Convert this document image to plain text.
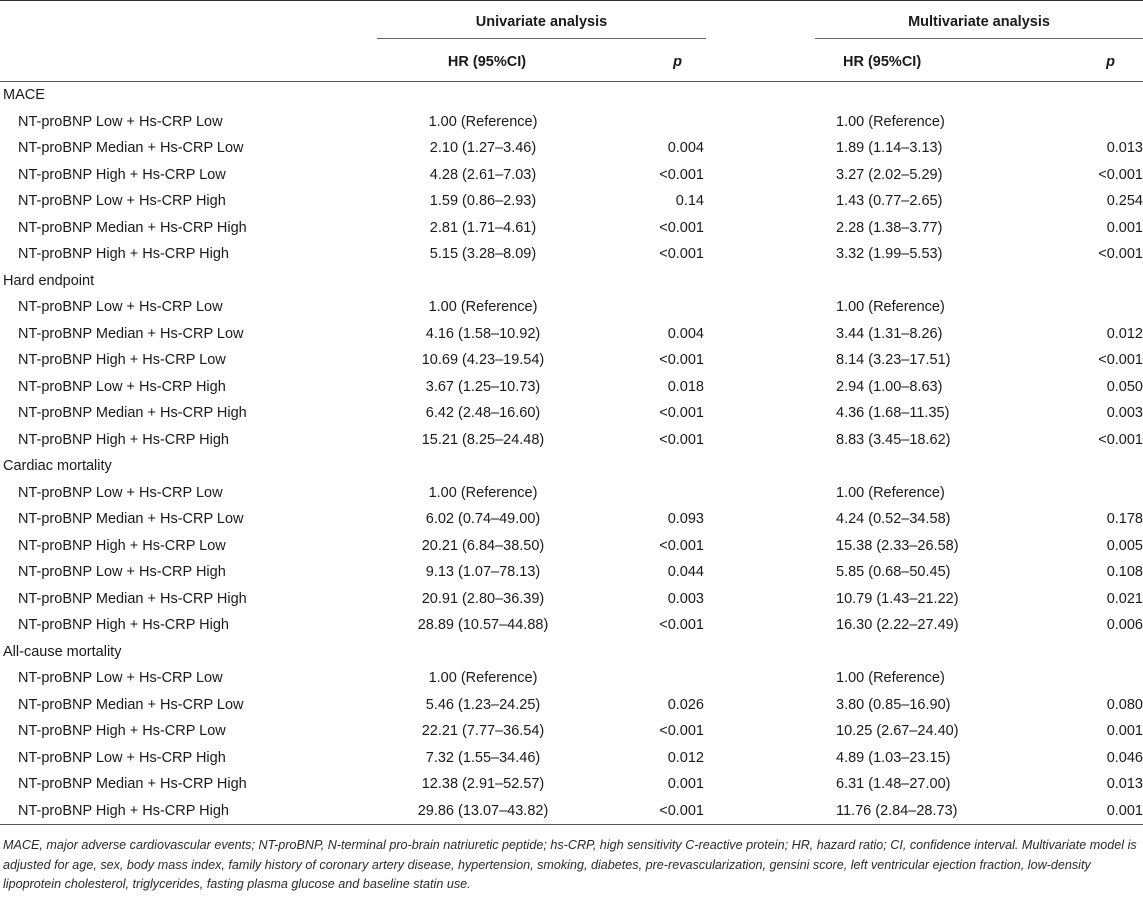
	Univariate analysis			Multivariate analysis	

	HR (95%CI)	p		HR (95%CI)	p

MACE					
NT-proBNP Low + Hs-CRP Low	1.00 (Reference)			1.00 (Reference)	
NT-proBNP Median + Hs-CRP Low	2.10 (1.27–3.46)	0.004		1.89 (1.14–3.13)	0.013
NT-proBNP High + Hs-CRP Low	4.28 (2.61–7.03)	<0.001		3.27 (2.02–5.29)	<0.001
NT-proBNP Low + Hs-CRP High	1.59 (0.86–2.93)	0.14		1.43 (0.77–2.65)	0.254
NT-proBNP Median + Hs-CRP High	2.81 (1.71–4.61)	<0.001		2.28 (1.38–3.77)	0.001
NT-proBNP High + Hs-CRP High	5.15 (3.28–8.09)	<0.001		3.32 (1.99–5.53)	<0.001
Hard endpoint					
NT-proBNP Low + Hs-CRP Low	1.00 (Reference)			1.00 (Reference)	
NT-proBNP Median + Hs-CRP Low	4.16 (1.58–10.92)	0.004		3.44 (1.31–8.26)	0.012
NT-proBNP High + Hs-CRP Low	10.69 (4.23–19.54)	<0.001		8.14 (3.23–17.51)	<0.001
NT-proBNP Low + Hs-CRP High	3.67 (1.25–10.73)	0.018		2.94 (1.00–8.63)	0.050
NT-proBNP Median + Hs-CRP High	6.42 (2.48–16.60)	<0.001		4.36 (1.68–11.35)	0.003
NT-proBNP High + Hs-CRP High	15.21 (8.25–24.48)	<0.001		8.83 (3.45–18.62)	<0.001
Cardiac mortality					
NT-proBNP Low + Hs-CRP Low	1.00 (Reference)			1.00 (Reference)	
NT-proBNP Median + Hs-CRP Low	6.02 (0.74–49.00)	0.093		4.24 (0.52–34.58)	0.178
NT-proBNP High + Hs-CRP Low	20.21 (6.84–38.50)	<0.001		15.38 (2.33–26.58)	0.005
NT-proBNP Low + Hs-CRP High	9.13 (1.07–78.13)	0.044		5.85 (0.68–50.45)	0.108
NT-proBNP Median + Hs-CRP High	20.91 (2.80–36.39)	0.003		10.79 (1.43–21.22)	0.021
NT-proBNP High + Hs-CRP High	28.89 (10.57–44.88)	<0.001		16.30 (2.22–27.49)	0.006
All-cause mortality					
NT-proBNP Low + Hs-CRP Low	1.00 (Reference)			1.00 (Reference)	
NT-proBNP Median + Hs-CRP Low	5.46 (1.23–24.25)	0.026		3.80 (0.85–16.90)	0.080
NT-proBNP High + Hs-CRP Low	22.21 (7.77–36.54)	<0.001		10.25 (2.67–24.40)	0.001
NT-proBNP Low + Hs-CRP High	7.32 (1.55–34.46)	0.012		4.89 (1.03–23.15)	0.046
NT-proBNP Median + Hs-CRP High	12.38 (2.91–52.57)	0.001		6.31 (1.48–27.00)	0.013
NT-proBNP High + Hs-CRP High	29.86 (13.07–43.82)	<0.001		11.76 (2.84–28.73)	0.001

MACE, major adverse cardiovascular events; NT-proBNP, N-terminal pro-brain natriuretic peptide; hs-CRP, high sensitivity C-reactive protein; HR, hazard ratio; CI, confidence interval. Multivariate model is adjusted for age, sex, body mass index, family history of coronary artery disease, hypertension, smoking, diabetes, pre-revascularization, gensini score, left ventricular ejection fraction, low-density lipoprotein cholesterol, triglycerides, fasting plasma glucose and baseline statin use.
